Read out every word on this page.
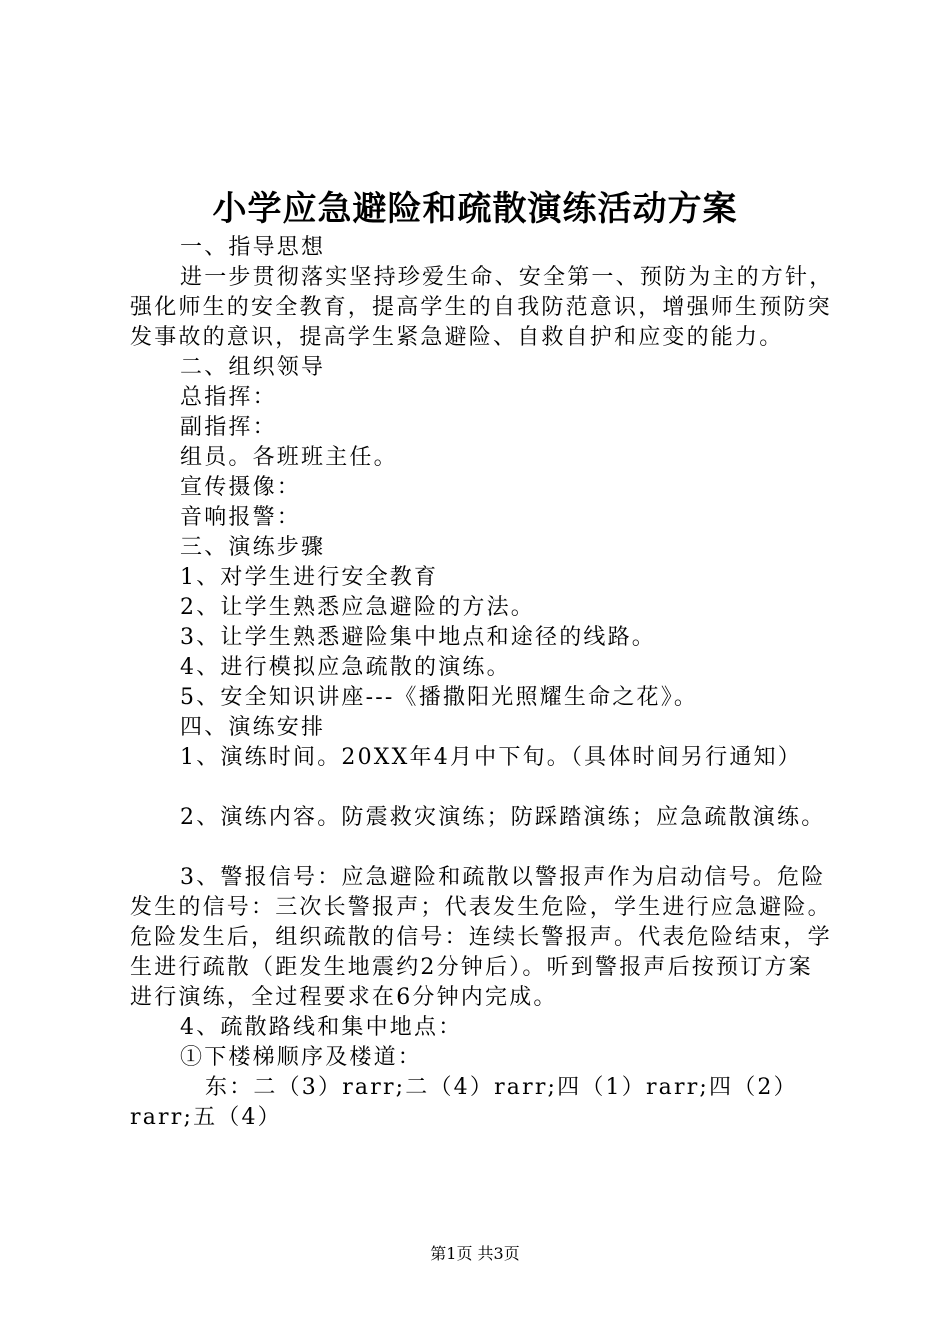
小学应急避险和疏散演练活动方案

一、指导思想

进一步贯彻落实坚持珍爱生命、安全第一、预防为主的方针，强化师生的安全教育，提高学生的自我防范意识，增强师生预防突发事故的意识，提高学生紧急避险、自救自护和应变的能力。

二、组织领导

总指挥：

副指挥：

组员。各班班主任。

宣传摄像：

音响报警：

三、演练步骤

1、对学生进行安全教育

2、让学生熟悉应急避险的方法。

3、让学生熟悉避险集中地点和途径的线路。

4、进行模拟应急疏散的演练。

5、安全知识讲座---《播撒阳光照耀生命之花》。

四、演练安排

1、演练时间。20XX年4月中下旬。（具体时间另行通知）

2、演练内容。防震救灾演练；防踩踏演练；应急疏散演练。

3、警报信号：应急避险和疏散以警报声作为启动信号。危险发生的信号：三次长警报声；代表发生危险，学生进行应急避险。危险发生后，组织疏散的信号：连续长警报声。代表危险结束，学生进行疏散（距发生地震约2分钟后）。听到警报声后按预订方案进行演练，全过程要求在6分钟内完成。

4、疏散路线和集中地点：

①下楼梯顺序及楼道：

东：二（3）rarr;二（4）rarr;四（1）rarr;四（2）rarr;五（4）

第1页 共3页
